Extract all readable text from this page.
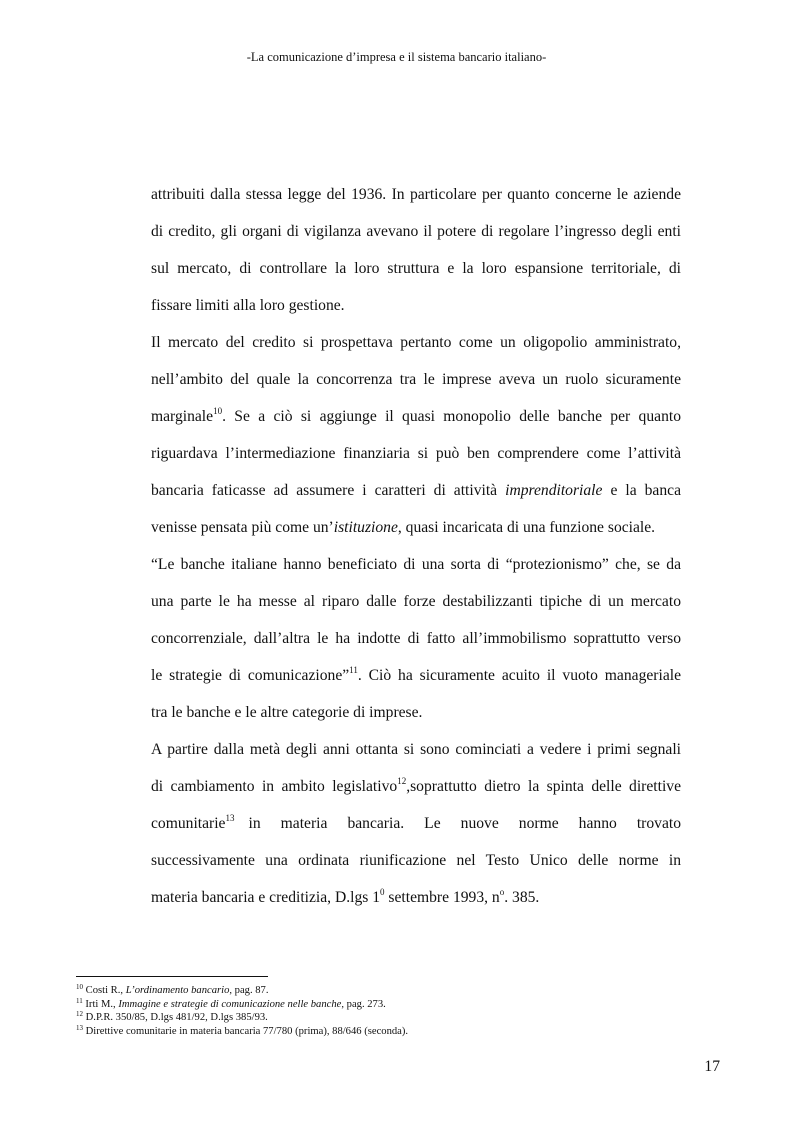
-La comunicazione d’impresa e il sistema bancario italiano-
attribuiti dalla stessa legge del 1936. In particolare per quanto concerne le aziende
di credito, gli organi di vigilanza avevano il potere di regolare l’ingresso degli enti
sul mercato, di controllare la loro struttura e la loro espansione territoriale, di
fissare limiti alla loro gestione.
Il mercato del credito si prospettava pertanto come un oligopolio amministrato,
nell’ambito del quale la concorrenza tra le imprese aveva un ruolo sicuramente
marginale$^{10}$. Se a ciò si aggiunge il quasi monopolio delle banche per quanto
riguardava l’intermediazione finanziaria si può ben comprendere come l’attività
bancaria faticasse ad assumere i caratteri di attività imprenditoriale e la banca
venisse pensata più come un’istituzione, quasi incaricata di una funzione sociale.
“Le banche italiane hanno beneficiato di una sorta di “protezionismo” che, se da
una parte le ha messe al riparo dalle forze destabilizzanti tipiche di un mercato
concorrenziale, dall’altra le ha indotte di fatto all’immobilismo soprattutto verso
le strategie di comunicazione”$^{11}$. Ciò ha sicuramente acuito il vuoto manageriale
tra le banche e le altre categorie di imprese.
A partire dalla metà degli anni ottanta si sono cominciati a vedere i primi segnali
di cambiamento in ambito legislativo$^{12}$,soprattutto dietro la spinta delle direttive
comunitarie$^{13}$ in materia bancaria. Le nuove norme hanno trovato
successivamente una ordinata riunificazione nel Testo Unico delle norme in
materia bancaria e creditizia, D.lgs $1^0$ settembre 1993, $n^o$. 385.
$^{10}$ Costi R., L’ordinamento bancario, pag. 87.
$^{11}$ Irti M., Immagine e strategie di comunicazione nelle banche, pag. 273.
$^{12}$ D.P.R. 350/85, D.lgs 481/92, D.lgs 385/93.
$^{13}$ Direttive comunitarie in materia bancaria 77/780 (prima), 88/646 (seconda).
17
